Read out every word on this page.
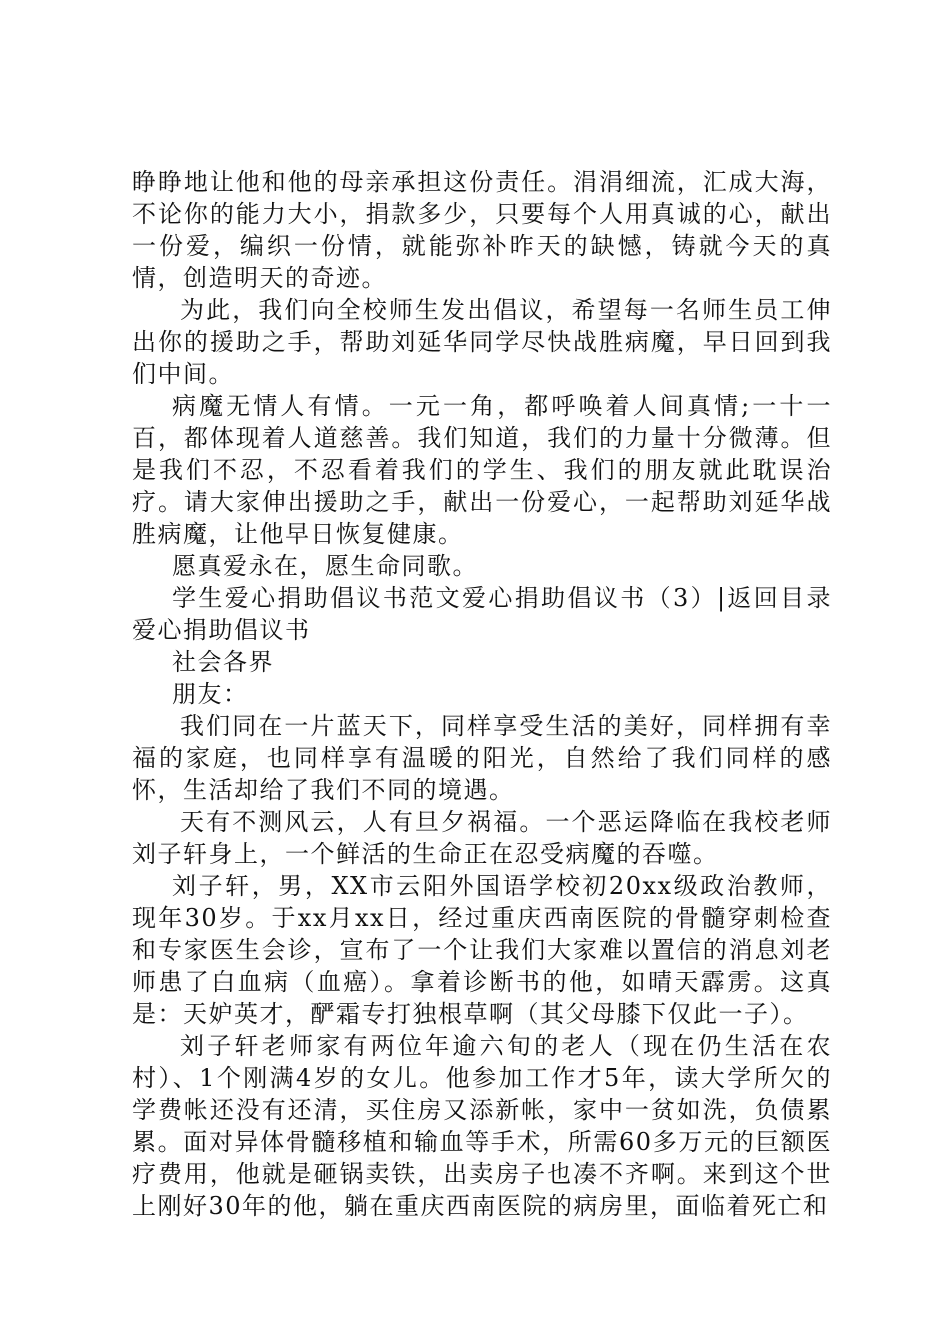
睁睁地让他和他的母亲承担这份责任。涓涓细流，汇成大海，不论你的能力大小，捐款多少，只要每个人用真诚的心，献出一份爱，编织一份情，就能弥补昨天的缺憾，铸就今天的真情，创造明天的奇迹。

为此，我们向全校师生发出倡议，希望每一名师生员工伸出你的援助之手，帮助刘延华同学尽快战胜病魔，早日回到我们中间。

病魔无情人有情。一元一角，都呼唤着人间真情;一十一百，都体现着人道慈善。我们知道，我们的力量十分微薄。但是我们不忍，不忍看着我们的学生、我们的朋友就此耽误治疗。请大家伸出援助之手，献出一份爱心，一起帮助刘延华战胜病魔，让他早日恢复健康。

愿真爱永在，愿生命同歌。

学生爱心捐助倡议书范文爱心捐助倡议书（3）|返回目录爱心捐助倡议书

社会各界

朋友：

我们同在一片蓝天下，同样享受生活的美好，同样拥有幸福的家庭，也同样享有温暖的阳光，自然给了我们同样的感怀，生活却给了我们不同的境遇。

天有不测风云，人有旦夕祸福。一个恶运降临在我校老师刘子轩身上，一个鲜活的生命正在忍受病魔的吞噬。

刘子轩，男，XX市云阳外国语学校初20xx级政治教师，现年30岁。于xx月xx日，经过重庆西南医院的骨髓穿刺检查和专家医生会诊，宣布了一个让我们大家难以置信的消息刘老师患了白血病（血癌）。拿着诊断书的他，如晴天霹雳。这真是：天妒英才，酽霜专打独根草啊（其父母膝下仅此一子）。

刘子轩老师家有两位年逾六旬的老人（现在仍生活在农村）、1个刚满4岁的女儿。他参加工作才5年，读大学所欠的学费帐还没有还清，买住房又添新帐，家中一贫如洗，负债累累。面对异体骨髓移植和输血等手术，所需60多万元的巨额医疗费用，他就是砸锅卖铁，出卖房子也凑不齐啊。来到这个世上刚好30年的他，躺在重庆西南医院的病房里，面临着死亡和
